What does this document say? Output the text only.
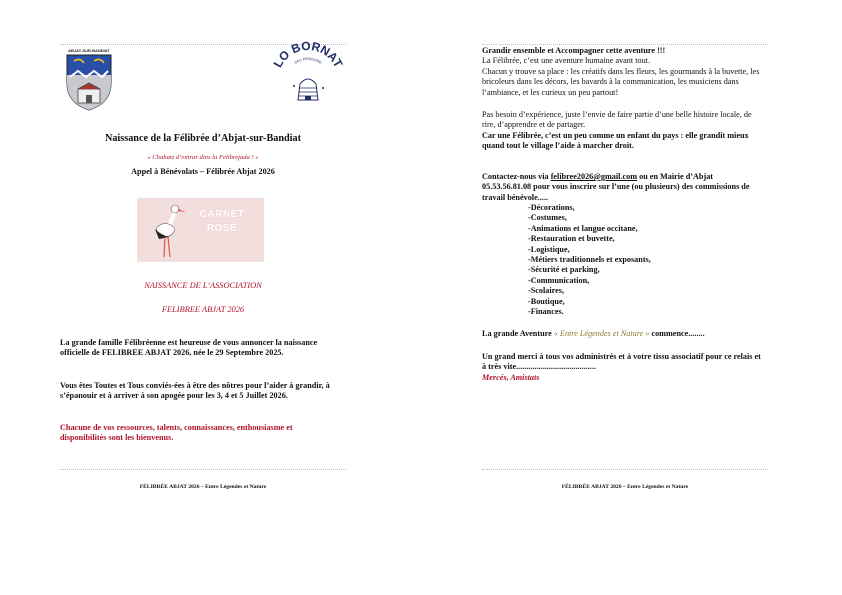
ABJAT-SUR-BANDIAT
LO BORNAT
DAU PERIGORD
Naissance de la Félibrée d’Abjat-sur-Bandiat
« Chabatz d’entrar dins la Felibrejada ! »
Appel à Bénévolats – Félibrée Abjat 2026
CARNET
ROSE
NAISSANCE DE L’ASSOCIATION
FELIBREE ABJAT 2026
La grande famille Félibréenne est heureuse de vous annoncer la naissance officielle de FELIBREE ABJAT 2026, née le 29 Septembre 2025.
Vous êtes Toutes et Tous conviés-ées à être des nôtres pour l’aider à grandir, à s’épanouir et à arriver à son apogée pour les 3, 4 et 5 Juillet 2026.
Chacune de vos ressources, talents, connaissances, enthousiasme et disponibilités sont les bienvenus.
FÉLIBRÉE ABJAT 2026 – Entre Légendes et Nature
Grandir ensemble et Accompagner cette aventure !!!
La Félibrée, c’est une aventure humaine avant tout.
Chacun y trouve sa place : les créatifs dans les fleurs, les gourmands à la buvette, les bricoleurs dans les décors, les bavards à la communication, les musiciens dans l’ambiance, et les curieux un peu partout!
Pas besoin d’expérience, juste l’envie de faire partie d’une belle histoire locale, de rire, d’apprendre et de partager.
Car une Félibrée, c’est un peu comme un enfant du pays : elle grandit mieux quand tout le village l’aide à marcher droit.
Contactez-nous via felibree2026@gmail.com ou en Mairie d’Abjat 05.53.56.81.08 pour vous inscrire sur l’une (ou plusieurs) des commissions de travail bénévole.....
-Décorations,
-Costumes,
-Animations et langue occitane,
-Restauration et buvette,
-Logistique,
-Métiers traditionnels et exposants,
-Sécurité et parking,
-Communication,
-Scolaires,
-Boutique,
-Finances.
La grande Aventure « Entre Légendes et Nature » commence........
Un grand merci à tous vos administrés et à votre tissu associatif pour ce relais et à très vite.......................................
Mercés, Amistats
FÉLIBRÉE ABJAT 2026 – Entre Légendes et Nature
